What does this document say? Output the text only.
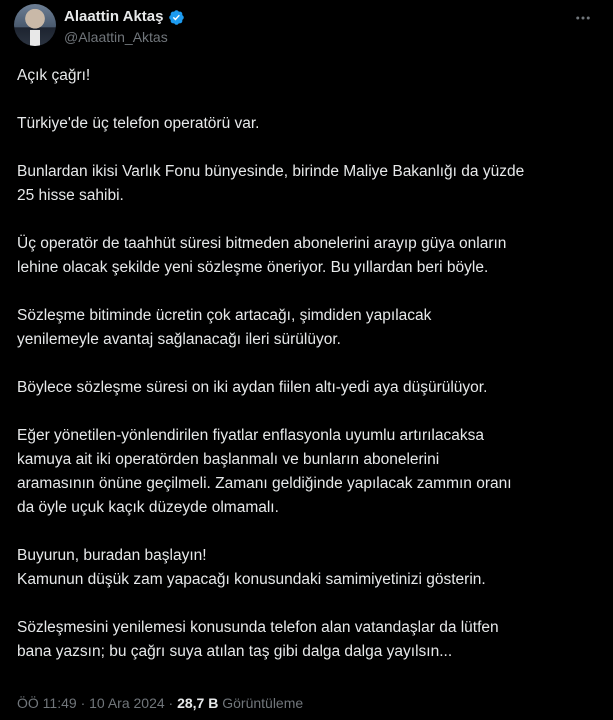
Alaattin Aktaş
@Alaattin_Aktas

Açık çağrı!

Türkiye'de üç telefon operatörü var.

Bunlardan ikisi Varlık Fonu bünyesinde, birinde Maliye Bakanlığı da yüzde
25 hisse sahibi.

Üç operatör de taahhüt süresi bitmeden abonelerini arayıp güya onların
lehine olacak şekilde yeni sözleşme öneriyor. Bu yıllardan beri böyle.

Sözleşme bitiminde ücretin çok artacağı, şimdiden yapılacak
yenilemeyle avantaj sağlanacağı ileri sürülüyor.

Böylece sözleşme süresi on iki aydan fiilen altı-yedi aya düşürülüyor.

Eğer yönetilen-yönlendirilen fiyatlar enflasyonla uyumlu artırılacaksa
kamuya ait iki operatörden başlanmalı ve bunların abonelerini
aramasının önüne geçilmeli. Zamanı geldiğinde yapılacak zammın oranı
da öyle uçuk kaçık düzeyde olmamalı.

Buyurun, buradan başlayın!
Kamunun düşük zam yapacağı konusundaki samimiyetinizi gösterin.

Sözleşmesini yenilemesi konusunda telefon alan vatandaşlar da lütfen
bana yazsın; bu çağrı suya atılan taş gibi dalga dalga yayılsın...

ÖÖ 11:49 · 10 Ara 2024 · 28,7 B Görüntüleme
